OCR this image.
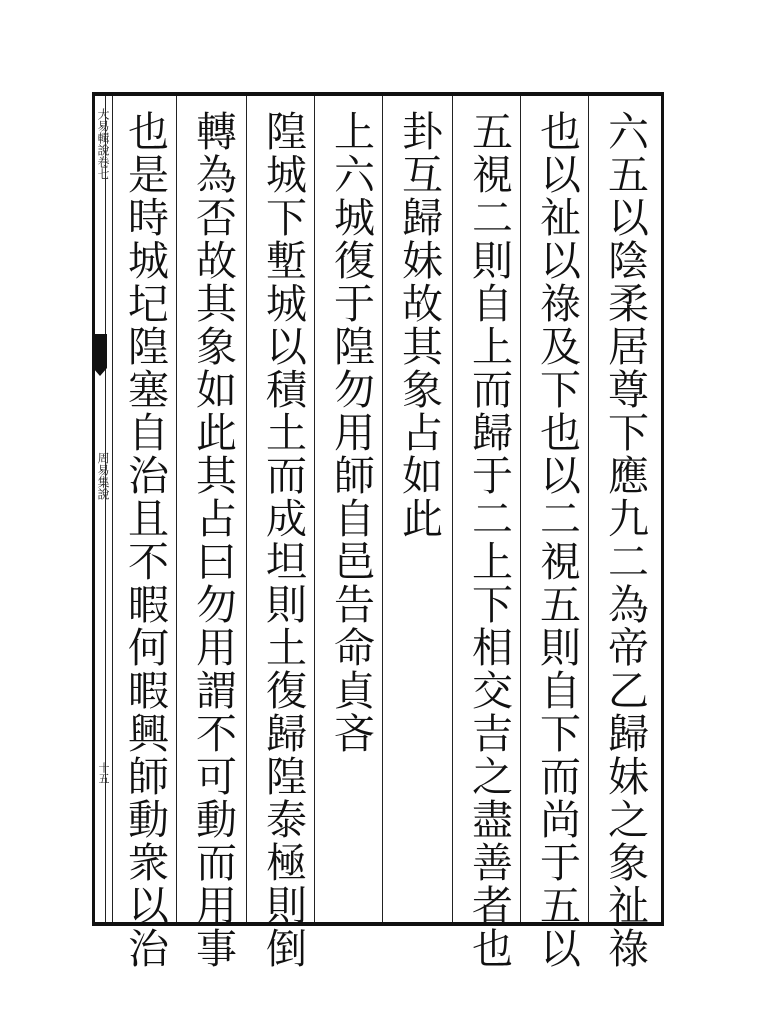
大易輯說卷七
周易集說
十五	六五以陰柔居尊下應九二為帝乙歸妹之象祉祿
也以祉以祿及下也以二視五則自下而尚于五以
五視二則自上而歸于二上下相交吉之盡善者也
卦互歸妹故其象占如此
上六城復于隍勿用師自邑告命貞吝
隍城下塹城以積土而成坦則土復歸隍泰極則倒
轉為否故其象如此其占曰勿用謂不可動而用事
也是時城圮隍塞自治且不暇何暇興師動衆以治
